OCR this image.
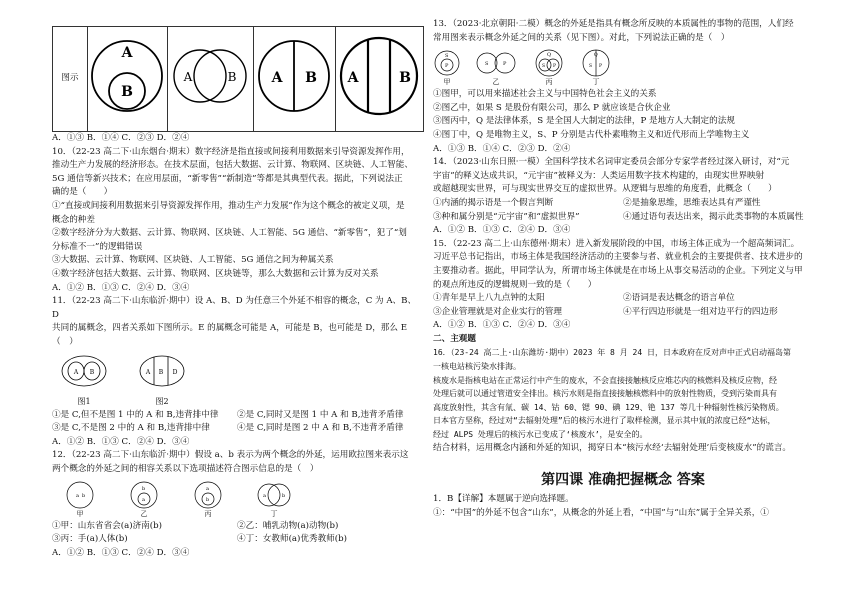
图示	
A
B

A	B	A B	A	B

A．①③ B．①④ C．②③ D．②④

10．（22-23 高二下·山东烟台·期末）数字经济是指直接或间接利用数据来引导资源发挥作用，

推动生产力发展的经济形态。在技术层面，包括大数据、云计算、物联网、区块链、人工智能、

5G 通信等新兴技术；在应用层面，“新零售”“新制造”等都是其典型代表。据此，下列说法正

确的是（　　）

①“直接或间接利用数据来引导资源发挥作用，推动生产力发展”作为这个概念的被定义项，是

概念的种差

②数字经济分为大数据、云计算、物联网、区块链、人工智能、5G 通信、“新零售”，犯了“划

分标准不一”的逻辑错误

③大数据、云计算、物联网、区块链、人工智能、5G 通信之间为种属关系

④数字经济包括大数据、云计算、物联网、区块链等，那么大数据和云计算为反对关系

A．①② B．①③ C．②④ D．③④

11．（22-23 高二下·山东临沂·期中）设 A、B、D 为任意三个外延不相容的概念，C 为 A、B、D

共同的属概念，四者关系如下图所示。E 的属概念可能是 A，可能是 B，也可能是 D，那么 E（　）

A B
图1
A B D
图2
①是 C,但不是图 1 中的 A 和 B,违背排中律	②是 C,同时又是图 1 中 A 和 B,违背矛盾律
③是 C,不是图 2 中的 A 和 B,违背排中律	④是 C,同时是图 2 中 A 和 B,不违背矛盾律

A．①② B．①③ C．②④ D．③④

12．（22-23 高二下·山东临沂·期中）假设 a、b 表示为两个概念的外延，运用欧拉图来表示这

两个概念的外延之间的相容关系以下选项描述符合图示信息的是（　）

a b
甲
b
a
乙
a
b
丙
a	b
丁
①甲：山东省省会(a)济南(b)	②乙：哺乳动物(a)动物(b)
③丙：手(a)人体(b)	④丁：女教师(a)优秀教师(b)

A．①② B．①③ C．②④ D．③④

13．（2023·北京朝阳·二模）概念的外延是指具有概念所反映的本质属性的事物的范围，人们经

常用图来表示概念外延之间的关系（见下图）。对此，下列说法正确的是（　）

S
P
甲
S	P
乙
Q
S P
丙
Q
S P
丁

①图甲，可以用来描述社会主义与中国特色社会主义的关系

②图乙中，如果 S 是股份有限公司，那么 P 就应该是合伙企业

③图丙中，Q 是法律体系，S 是全国人大制定的法律，P 是地方人大制定的法规

④图丁中，Q 是唯物主义，S、P 分别是古代朴素唯物主义和近代形而上学唯物主义

A．①③ B．①④ C．②③ D．②④

14．（2023·山东日照·一模）全国科学技术名词审定委员会部分专家学者经过深入研讨，对“元

宇宙”的释义达成共识，“元宇宙”被释义为：人类运用数字技术构建的，由现实世界映射

或超越现实世界，可与现实世界交互的虚拟世界。从逻辑与思维的角度看，此概念（　　）

①内涵的揭示语是一个假言判断	②是抽象思维，思维表达具有严谨性
③种和属分别是“元宇宙”和“虚拟世界”	④通过语句表达出来，揭示此类事物的本质属性

A．①② B．①③ C．②④ D．③④

15．（22-23 高二上·山东德州·期末）进入新发展阶段的中国，市场主体正成为一个超高频词汇。

习近平总书记指出，市场主体是我国经济活动的主要参与者、就业机会的主要提供者、技术进步的

主要推动者。据此，甲同学认为，所谓市场主体就是在市场上从事交易活动的企业。下列定义与甲

的观点所违反的逻辑规则一致的是（　　）

①青年是早上八九点钟的太阳	②语词是表达概念的语言单位
③企业管理就是对企业实行的管理	④平行四边形就是一组对边平行的四边形

A．①② B．①③ C．②④ D．③④

二、主观题

16．（23-24 高二上·山东潍坊·期中）2023 年 8 月 24 日，日本政府在反对声中正式启动福岛第

一核电站核污染水排海。

核废水是指核电站在正常运行中产生的废水，不会直接接触核反应堆芯内的核燃料及核反应物，经

处理后就可以通过管道安全排出。核污水则是指直接接触核燃料中的放射性物质，受到污染而具有

高度放射性，其含有氚、碳 14、钴 60、锶 90、碘 129、铯 137 等几十种辐射性核污染物质。

日本官方坚称，经过对“去辐射处理”后的核污水进行了取样检测，显示其中氚的浓度已经“达标，

经过 ALPS 处理后的核污水已变成了‘核废水’，是安全的。

结合材料，运用概念内涵和外延的知识，揭穿日本“核污水经‘去辐射处理’后变核废水”的谎言。

第四课 准确把握概念 答案

1．B【详解】本题属于逆向选择题。

①：“中国”的外延不包含“山东”，从概念的外延上看，“中国”与“山东”属于全异关系，①
